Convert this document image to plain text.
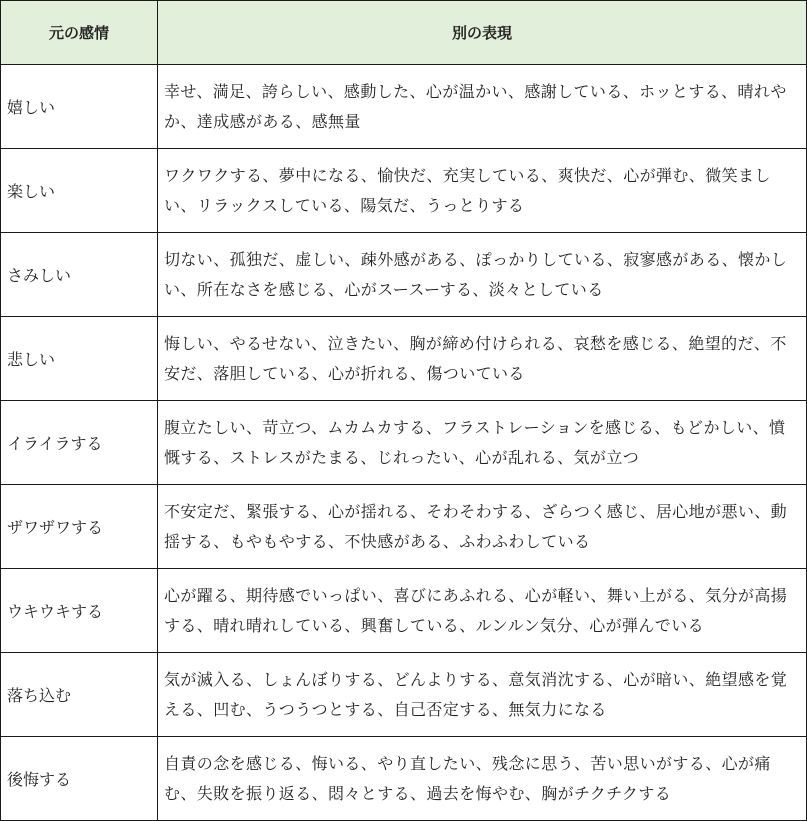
元の感情	別の表現
嬉しい	幸せ、満足、誇らしい、感動した、心が温かい、感謝している、ホッとする、晴れやか、達成感がある、感無量
楽しい	ワクワクする、夢中になる、愉快だ、充実している、爽快だ、心が弾む、微笑ましい、リラックスしている、陽気だ、うっとりする
さみしい	切ない、孤独だ、虚しい、疎外感がある、ぽっかりしている、寂寥感がある、懐かしい、所在なさを感じる、心がスースーする、淡々としている
悲しい	悔しい、やるせない、泣きたい、胸が締め付けられる、哀愁を感じる、絶望的だ、不安だ、落胆している、心が折れる、傷ついている
イライラする	腹立たしい、苛立つ、ムカムカする、フラストレーションを感じる、もどかしい、憤慨する、ストレスがたまる、じれったい、心が乱れる、気が立つ
ザワザワする	不安定だ、緊張する、心が揺れる、そわそわする、ざらつく感じ、居心地が悪い、動揺する、もやもやする、不快感がある、ふわふわしている
ウキウキする	心が躍る、期待感でいっぱい、喜びにあふれる、心が軽い、舞い上がる、気分が高揚する、晴れ晴れしている、興奮している、ルンルン気分、心が弾んでいる
落ち込む	気が滅入る、しょんぼりする、どんよりする、意気消沈する、心が暗い、絶望感を覚える、凹む、うつうつとする、自己否定する、無気力になる
後悔する	自責の念を感じる、悔いる、やり直したい、残念に思う、苦い思いがする、心が痛む、失敗を振り返る、悶々とする、過去を悔やむ、胸がチクチクする
